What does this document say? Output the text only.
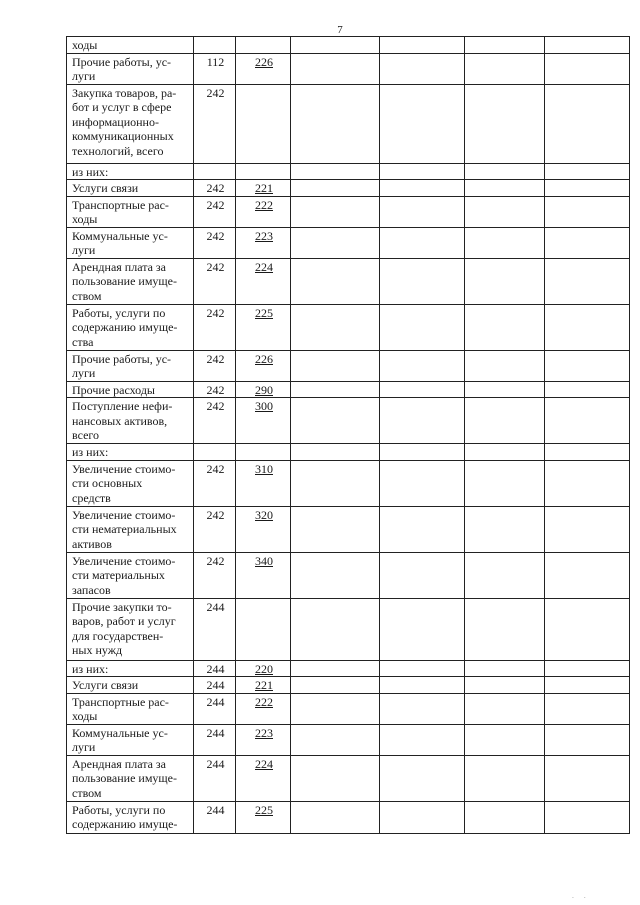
7
ходы						
Прочие работы, ус-
луги	112	226				
Закупка товаров, ра-
бот и услуг в сфере
информационно-
коммуникационных
технологий, всего	242					
из них:						
Услуги связи	242	221				
Транспортные рас-
ходы	242	222				
Коммунальные ус-
луги	242	223				
Арендная плата за
пользование имуще-
ством	242	224				
Работы, услуги по
содержанию имуще-
ства	242	225				
Прочие работы, ус-
луги	242	226				
Прочие расходы	242	290				
Поступление нефи-
нансовых активов,
всего	242	300				
из них:						
Увеличение стоимо-
сти основных
средств	242	310				
Увеличение стоимо-
сти нематериальных
активов	242	320				
Увеличение стоимо-
сти материальных
запасов	242	340				
Прочие закупки то-
варов, работ и услуг
для государствен-
ных нужд	244					
из них:	244	220				
Услуги связи	244	221				
Транспортные рас-
ходы	244	222				
Коммунальные ус-
луги	244	223				
Арендная плата за
пользование имуще-
ством	244	224				
Работы, услуги по
содержанию имуще-	244	225				
. .
